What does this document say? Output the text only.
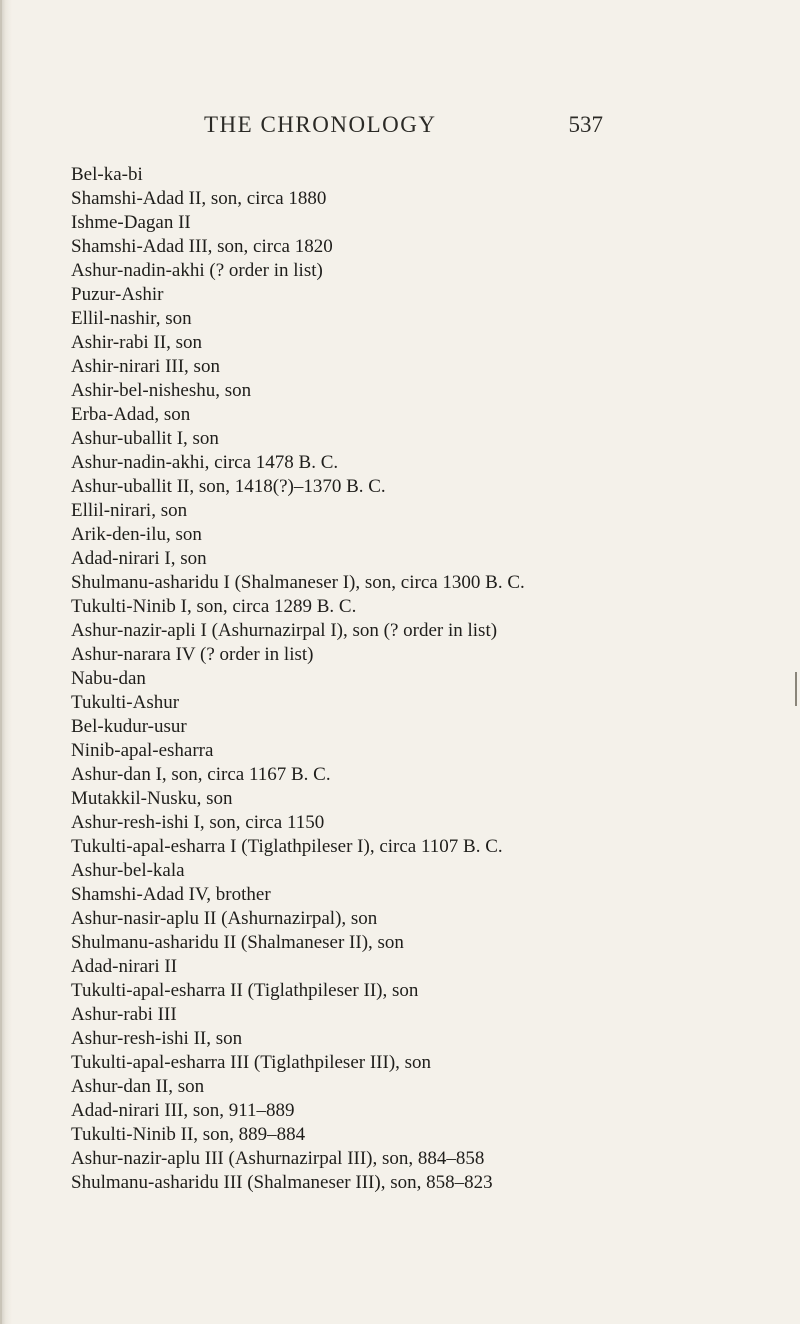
THE CHRONOLOGY	537
Bel-ka-bi
Shamshi-Adad II, son, circa 1880
Ishme-Dagan II
Shamshi-Adad III, son, circa 1820
Ashur-nadin-akhi (? order in list)
Puzur-Ashir
Ellil-nashir, son
Ashir-rabi II, son
Ashir-nirari III, son
Ashir-bel-nisheshu, son
Erba-Adad, son
Ashur-uballit I, son
Ashur-nadin-akhi, circa 1478 B. C.
Ashur-uballit II, son, 1418(?)–1370 B. C.
Ellil-nirari, son
Arik-den-ilu, son
Adad-nirari I, son
Shulmanu-asharidu I (Shalmaneser I), son, circa 1300 B. C.
Tukulti-Ninib I, son, circa 1289 B. C.
Ashur-nazir-apli I (Ashurnazirpal I), son (? order in list)
Ashur-narara IV (? order in list)
Nabu-dan
Tukulti-Ashur
Bel-kudur-usur
Ninib-apal-esharra
Ashur-dan I, son, circa 1167 B. C.
Mutakkil-Nusku, son
Ashur-resh-ishi I, son, circa 1150
Tukulti-apal-esharra I (Tiglathpileser I), circa 1107 B. C.
Ashur-bel-kala
Shamshi-Adad IV, brother
Ashur-nasir-aplu II (Ashurnazirpal), son
Shulmanu-asharidu II (Shalmaneser II), son
Adad-nirari II
Tukulti-apal-esharra II (Tiglathpileser II), son
Ashur-rabi III
Ashur-resh-ishi II, son
Tukulti-apal-esharra III (Tiglathpileser III), son
Ashur-dan II, son
Adad-nirari III, son, 911–889
Tukulti-Ninib II, son, 889–884
Ashur-nazir-aplu III (Ashurnazirpal III), son, 884–858
Shulmanu-asharidu III (Shalmaneser III), son, 858–823
